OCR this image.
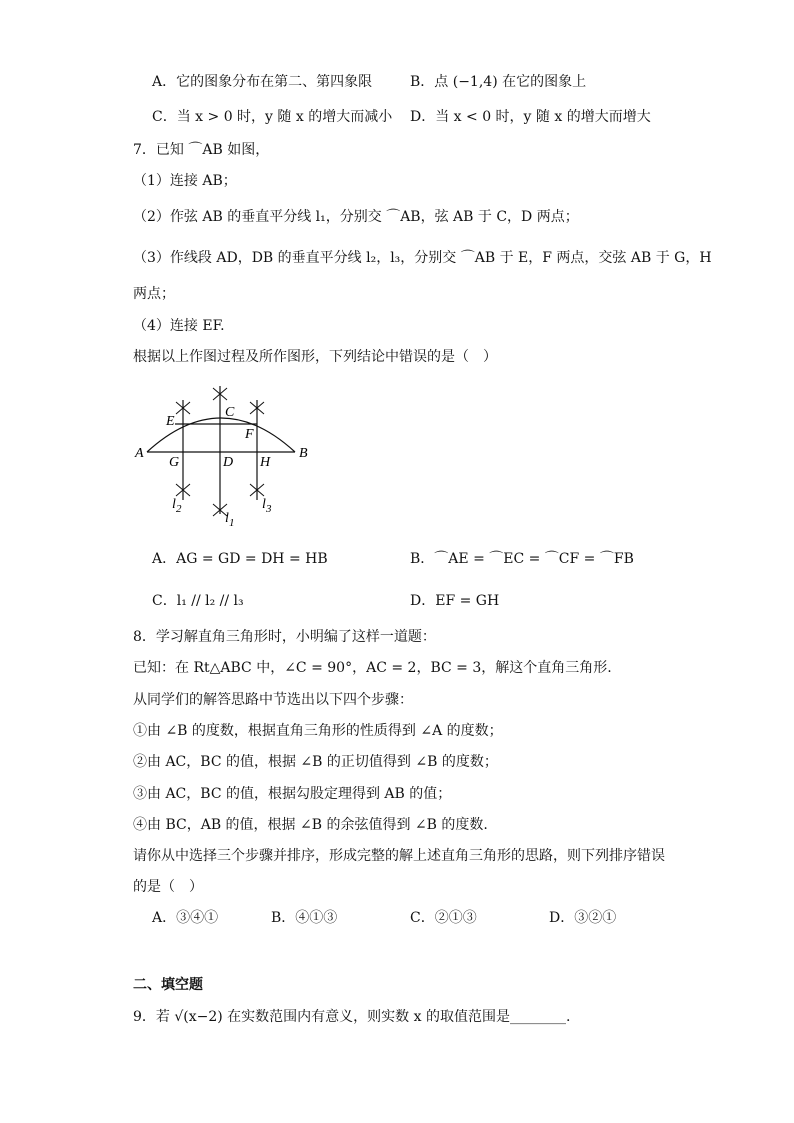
A．它的图象分布在第二、第四象限	B．点 (−1,4) 在它的图象上
C．当 x > 0 时，y 随 x 的增大而减小 D．当 x < 0 时，y 随 x 的增大而增大
7．已知 ⌒AB 如图，
（1）连接 AB；
（2）作弦 AB 的垂直平分线 l₁，分别交 ⌒AB，弦 AB 于 C，D 两点；
（3）作线段 AD，DB 的垂直平分线 l₂，l₃，分别交 ⌒AB 于 E，F 两点，交弦 AB 于 G，H
两点；
（4）连接 EF.
根据以上作图过程及所作图形，下列结论中错误的是（　）
A	B
C
D
E
F
G	H
l 2
l 1
l 3
A．AG = GD = DH = HB	B．⌒AE = ⌒EC = ⌒CF = ⌒FB
C．l₁ // l₂ // l₃	D．EF = GH
8．学习解直角三角形时，小明编了这样一道题：
已知：在 Rt△ABC 中，∠C = 90°，AC = 2，BC = 3，解这个直角三角形.
从同学们的解答思路中节选出以下四个步骤：
①由 ∠B 的度数，根据直角三角形的性质得到 ∠A 的度数；
②由 AC，BC 的值，根据 ∠B 的正切值得到 ∠B 的度数；
③由 AC，BC 的值，根据勾股定理得到 AB 的值；
④由 BC，AB 的值，根据 ∠B 的余弦值得到 ∠B 的度数.
请你从中选择三个步骤并排序，形成完整的解上述直角三角形的思路，则下列排序错误
的是（　）
A．③④①	B．④①③	C．②①③	D．③②①
二、填空题
9．若 √(x−2) 在实数范围内有意义，则实数 x 的取值范围是________.
